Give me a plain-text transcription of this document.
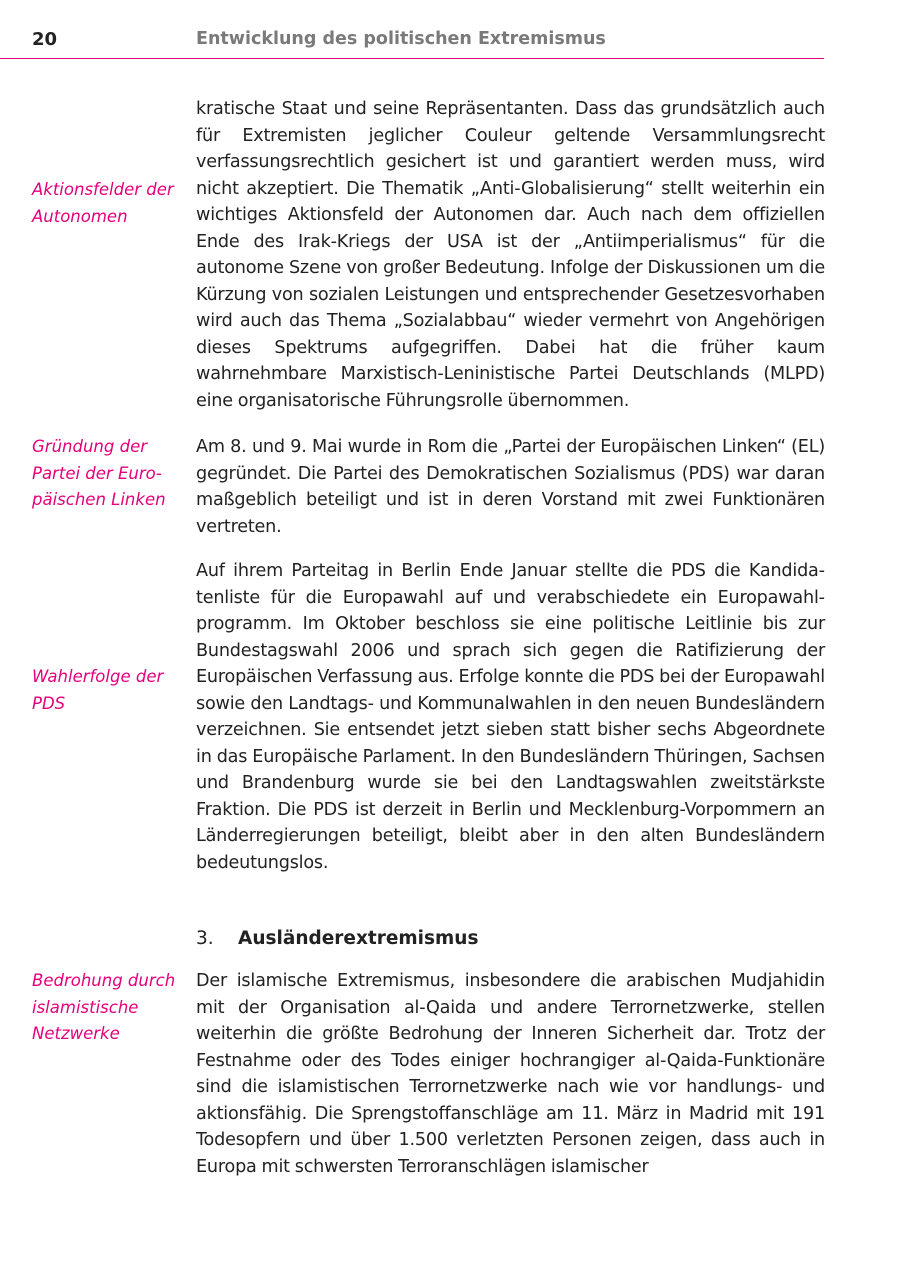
20	Entwicklung des politischen Extremismus
Aktionsfelder der Autonomen
Gründung der Partei der Euro-päischen Linken
Wahlerfolge der PDS
Bedrohung durch islamistische Netzwerke

kratische Staat und seine Repräsentanten. Dass das grundsätzlich auch für Extremisten jeglicher Couleur geltende Versammlungsrecht verfassungsrechtlich gesichert ist und garantiert werden muss, wird nicht akzeptiert. Die Thematik „Anti-Globalisierung“ stellt weiterhin ein wichtiges Aktionsfeld der Autonomen dar. Auch nach dem offiziellen Ende des Irak-Kriegs der USA ist der „Antiimperialismus“ für die autonome Szene von großer Bedeutung. Infolge der Diskussionen um die Kürzung von sozialen Leistungen und entsprechender Gesetzesvorhaben wird auch das Thema „Sozialabbau“ wieder vermehrt von Angehörigen dieses Spektrums aufgegriffen. Dabei hat die früher kaum wahrnehmbare Marxistisch-Leninistische Partei Deutschlands (MLPD) eine organisatorische Führungsrolle übernommen.

Am 8. und 9. Mai wurde in Rom die „Partei der Europäischen Linken“ (EL) gegründet. Die Partei des Demokratischen Sozialismus (PDS) war daran maßgeblich beteiligt und ist in deren Vorstand mit zwei Funktionären vertreten.

Auf ihrem Parteitag in Berlin Ende Januar stellte die PDS die Kandidatenliste für die Europawahl auf und verabschiedete ein Europawahlprogramm. Im Oktober beschloss sie eine politische Leitlinie bis zur Bundestagswahl 2006 und sprach sich gegen die Ratifizierung der Europäischen Verfassung aus. Erfolge konnte die PDS bei der Europawahl sowie den Landtags- und Kommunalwahlen in den neuen Bundesländern verzeichnen. Sie entsendet jetzt sieben statt bisher sechs Abgeordnete in das Europäische Parlament. In den Bundesländern Thüringen, Sachsen und Brandenburg wurde sie bei den Landtagswahlen zweitstärkste Fraktion. Die PDS ist derzeit in Berlin und Mecklenburg-Vorpommern an Länderregierungen beteiligt, bleibt aber in den alten Bundesländern bedeutungslos.

3. Ausländerextremismus

Der islamische Extremismus, insbesondere die arabischen Mudjahidin mit der Organisation al-Qaida und andere Terrornetzwerke, stellen weiterhin die größte Bedrohung der Inneren Sicherheit dar. Trotz der Festnahme oder des Todes einiger hochrangiger al-Qaida-Funktionäre sind die islamistischen Terrornetzwerke nach wie vor handlungs- und aktionsfähig. Die Sprengstoffanschläge am 11. März in Madrid mit 191 Todesopfern und über 1.500 verletzten Personen zeigen, dass auch in Europa mit schwersten Terroranschlägen islamischer
